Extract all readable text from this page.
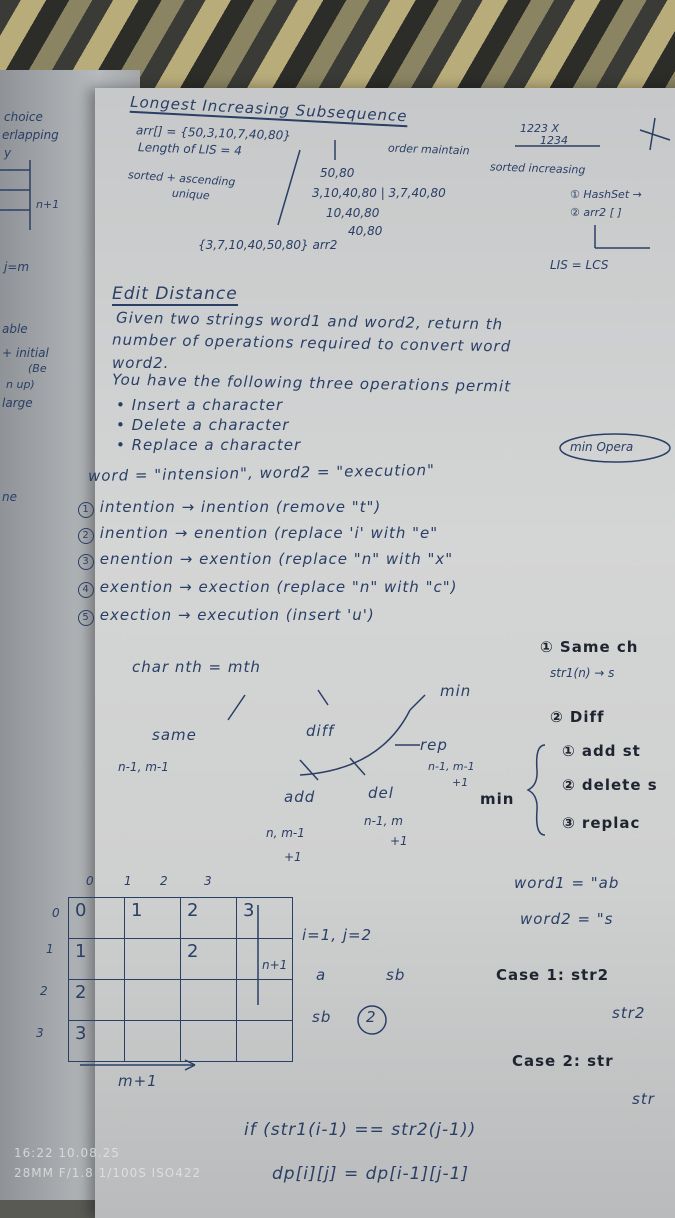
choice
erlapping
y
n+1
j=m
able
+ initial
(Be
n up)
large
ne
Longest Increasing Subsequence
arr[] = {50,3,10,7,40,80}
Length of LIS = 4	order maintain
sorted increasing
sorted + ascending
unique
50,80
3,10,40,80 | 3,7,40,80
10,40,80
40,80
{3,7,10,40,50,80} arr2
1223 X
1234
① HashSet →
② arr2 [ ]
LIS = LCS
Edit Distance
Given two strings word1 and word2, return th
number of operations required to convert word
word2.
You have the following three operations permit
• Insert a character
• Delete a character
• Replace a character	min Opera
word = "intension", word2 = "execution"
1 intention → inention (remove "t")
2 inention → enention (replace 'i' with "e"
3 enention → exention (replace "n" with "x"
4 exention → exection (replace "n" with "c")
5 exection → execution (insert 'u')
char nth = mth
same
n-1, m-1
diff
min
add
n, m-1
+1
del
n-1, m
+1
rep
n-1, m-1
+1
min
① Same ch
str1(n) → s
② Diff
① add st
② delete s
③ replac
0	1 2	3
0
1
2
3
0	1	2	3
1		2	
2			
3			
n+1
m+1
i=1, j=2
a	sb
sb 2
word1 = "ab
word2 = "s
Case 1: str2
str2
Case 2: str
str
if (str1(i-1) == str2(j-1))
dp[i][j] = dp[i-1][j-1]
16:22 10.08.25
28MM F/1.8 1/100S ISO422
